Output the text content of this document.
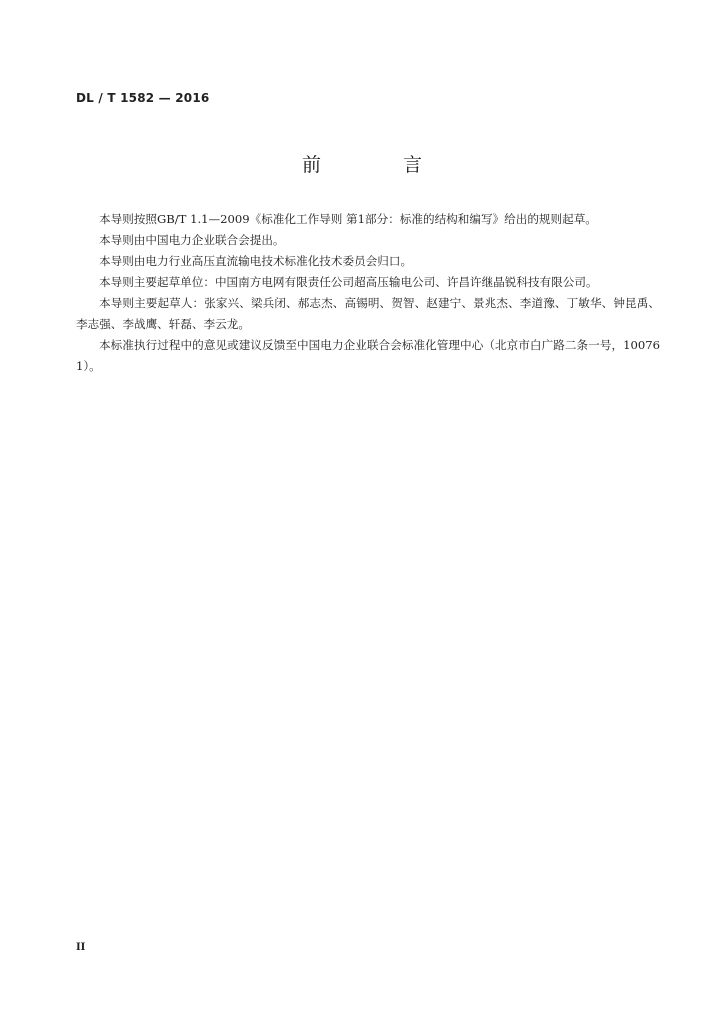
DL / T 1582 — 2016
前 言

本导则按照GB/T 1.1—2009《标准化工作导则 第1部分：标准的结构和编写》给出的规则起草。

本导则由中国电力企业联合会提出。

本导则由电力行业高压直流输电技术标准化技术委员会归口。

本导则主要起草单位：中国南方电网有限责任公司超高压输电公司、许昌许继晶锐科技有限公司。

本导则主要起草人：张家兴、梁兵闭、郝志杰、高锡明、贺智、赵建宁、景兆杰、李道豫、丁敏华、钟昆禹、李志强、李战鹰、轩磊、李云龙。

本标准执行过程中的意见或建议反馈至中国电力企业联合会标准化管理中心（北京市白广路二条一号，100761）。

II
